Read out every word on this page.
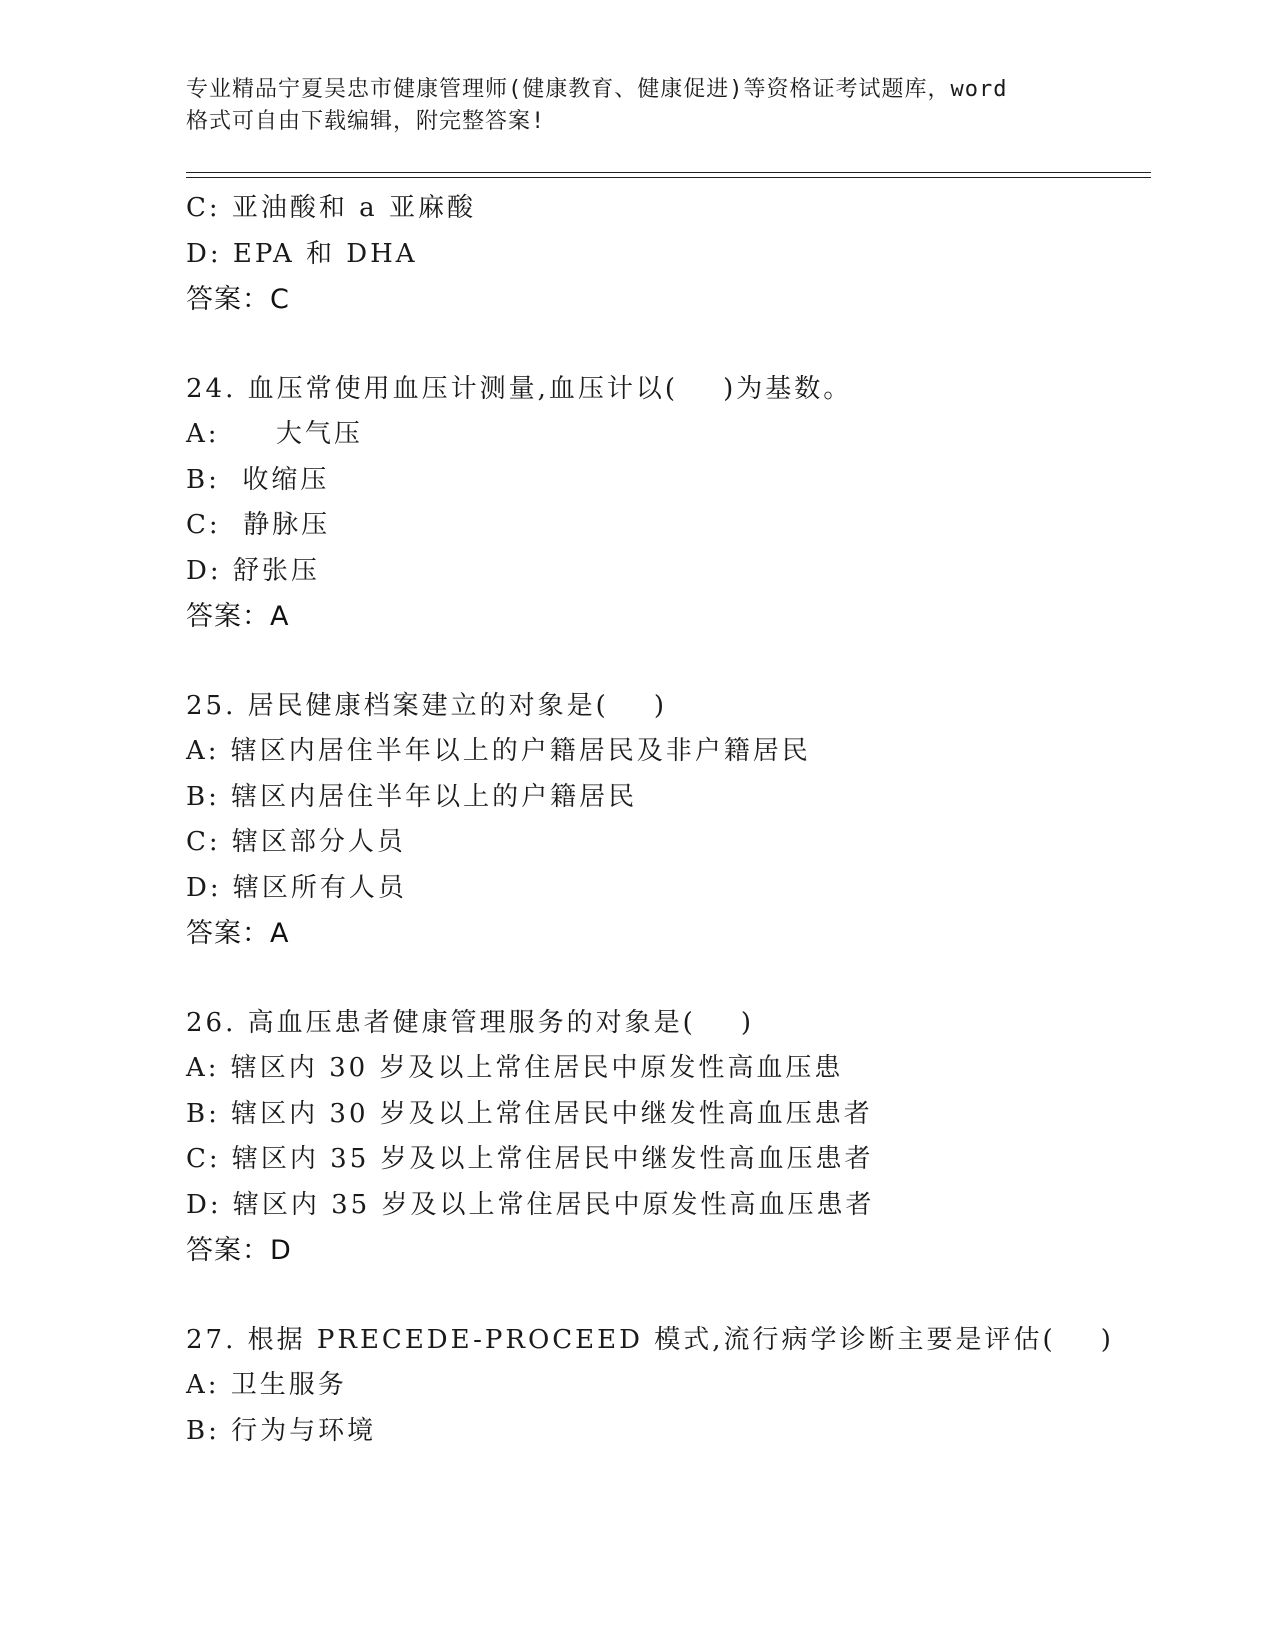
专业精品宁夏吴忠市健康管理师(健康教育、健康促进)等资格证考试题库，word
格式可自由下载编辑，附完整答案!
C: 亚油酸和 a 亚麻酸
D: EPA 和 DHA
答案：C
24. 血压常使用血压计测量,血压计以(    )为基数。
A:     大气压
B:  收缩压
C:  静脉压
D: 舒张压
答案：A
25. 居民健康档案建立的对象是(    )
A: 辖区内居住半年以上的户籍居民及非户籍居民
B: 辖区内居住半年以上的户籍居民
C: 辖区部分人员
D: 辖区所有人员
答案：A
26. 高血压患者健康管理服务的对象是(    )
A: 辖区内 30 岁及以上常住居民中原发性高血压患
B: 辖区内 30 岁及以上常住居民中继发性高血压患者
C: 辖区内 35 岁及以上常住居民中继发性高血压患者
D: 辖区内 35 岁及以上常住居民中原发性高血压患者
答案：D
27. 根据 PRECEDE-PROCEED 模式,流行病学诊断主要是评估(    )
A: 卫生服务
B: 行为与环境
